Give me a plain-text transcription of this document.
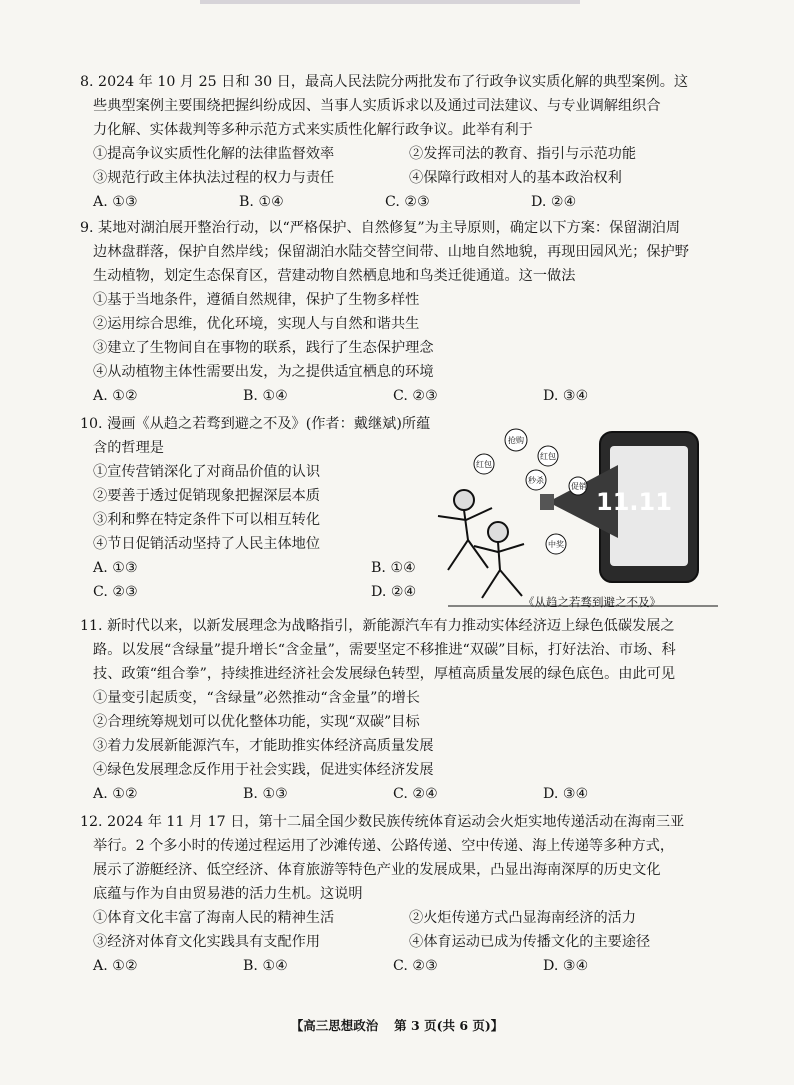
8. 2024 年 10 月 25 日和 30 日，最高人民法院分两批发布了行政争议实质化解的典型案例。这

些典型案例主要围绕把握纠纷成因、当事人实质诉求以及通过司法建议、与专业调解组织合

力化解、实体裁判等多种示范方式来实质性化解行政争议。此举有利于

①提高争议实质性化解的法律监督效率	②发挥司法的教育、指引与示范功能
③规范行政主体执法过程的权力与责任	④保障行政相对人的基本政治权利
A. ①③	B. ①④	C. ②③	D. ②④

9. 某地对湖泊展开整治行动，以“严格保护、自然修复”为主导原则，确定以下方案：保留湖泊周

边林盘群落，保护自然岸线；保留湖泊水陆交替空间带、山地自然地貌，再现田园风光；保护野

生动植物，划定生态保育区，营建动物自然栖息地和鸟类迁徙通道。这一做法

①基于当地条件，遵循自然规律，保护了生物多样性

②运用综合思维，优化环境，实现人与自然和谐共生

③建立了生物间自在事物的联系，践行了生态保护理念

④从动植物主体性需要出发，为之提供适宜栖息的环境

A. ①②	B. ①④	C. ②③	D. ③④

10. 漫画《从趋之若骛到避之不及》(作者：戴继斌)所蕴

含的哲理是

①宣传营销深化了对商品价值的认识

②要善于透过促销现象把握深层本质

③利和弊在特定条件下可以相互转化

④节日促销活动坚持了人民主体地位

A. ①③	B. ①④
C. ②③	D. ②④
11.11
抢购
红包
红包
秒杀
促销
中奖
《从趋之若骛到避之不及》

11. 新时代以来，以新发展理念为战略指引，新能源汽车有力推动实体经济迈上绿色低碳发展之

路。以发展“含绿量”提升增长“含金量”，需要坚定不移推进“双碳”目标，打好法治、市场、科

技、政策“组合拳”，持续推进经济社会发展绿色转型，厚植高质量发展的绿色底色。由此可见

①量变引起质变，“含绿量”必然推动“含金量”的增长

②合理统筹规划可以优化整体功能，实现“双碳”目标

③着力发展新能源汽车，才能助推实体经济高质量发展

④绿色发展理念反作用于社会实践，促进实体经济发展

A. ①②	B. ①③	C. ②④	D. ③④

12. 2024 年 11 月 17 日，第十二届全国少数民族传统体育运动会火炬实地传递活动在海南三亚

举行。2 个多小时的传递过程运用了沙滩传递、公路传递、空中传递、海上传递等多种方式，

展示了游艇经济、低空经济、体育旅游等特色产业的发展成果，凸显出海南深厚的历史文化

底蕴与作为自由贸易港的活力生机。这说明

①体育文化丰富了海南人民的精神生活	②火炬传递方式凸显海南经济的活力
③经济对体育文化实践具有支配作用	④体育运动已成为传播文化的主要途径
A. ①②	B. ①④	C. ②③	D. ③④
【高三思想政治 第 3 页(共 6 页)】
